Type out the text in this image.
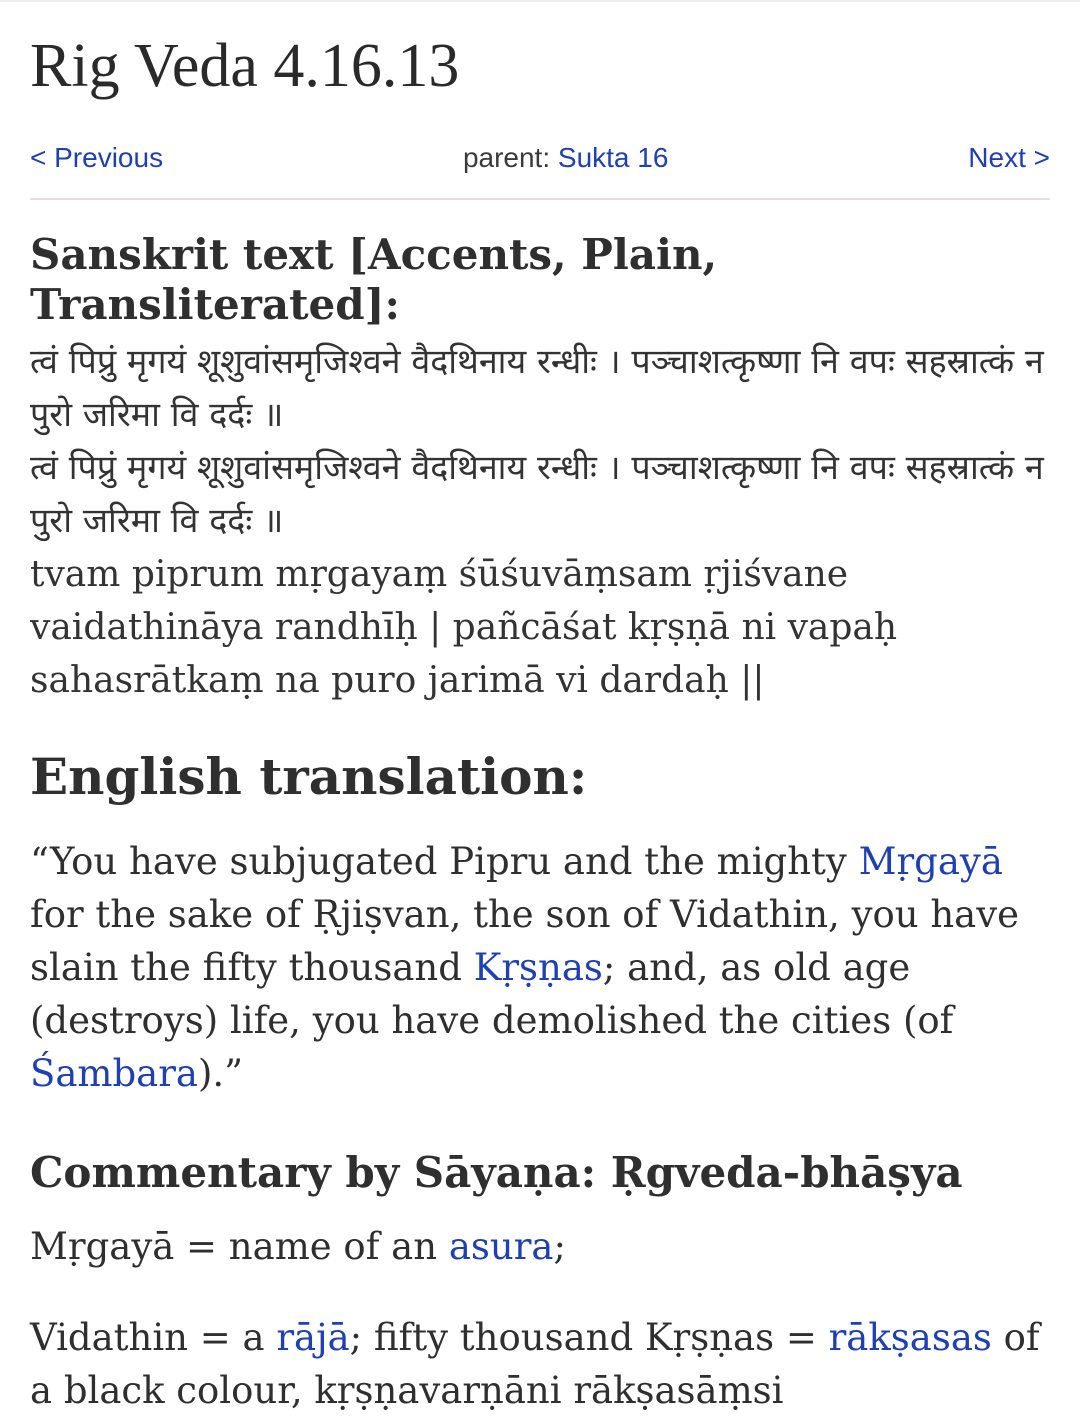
Rig Veda 4.16.13
< Previous	parent: Sukta 16	Next >
Sanskrit text [Accents, Plain, Transliterated]:
त्वं पिप्रुं मृगयं शूशुवांसमृजिश्वने वैदथिनाय रन्धीः । पञ्चाशत्कृष्णा नि वपः सहस्रात्कं न पुरो जरिमा वि दर्दः ॥
त्वं पिप्रुं मृगयं शूशुवांसमृजिश्वने वैदथिनाय रन्धीः । पञ्चाशत्कृष्णा नि वपः सहस्रात्कं न पुरो जरिमा वि दर्दः ॥
tvam piprum mṛgayaṃ śūśuvāṃsam ṛjiśvane vaidathināya randhīḥ | pañcāśat kṛṣṇā ni vapaḥ sahasrātkaṃ na puro jarimā vi dardaḥ ||
English translation:

“You have subjugated Pipru and the mighty Mṛgayā for the sake of Ṛjiṣvan, the son of Vidathin, you have slain the fifty thousand Kṛṣṇas; and, as old age (destroys) life, you have demolished the cities (of Śambara).”

Commentary by Sāyaṇa: Ṛgveda-bhāṣya

Mṛgayā = name of an asura;

Vidathin = a rājā; fifty thousand Kṛṣṇas = rākṣasas of a black colour, kṛṣṇavarṇāni rākṣasāṃsi
